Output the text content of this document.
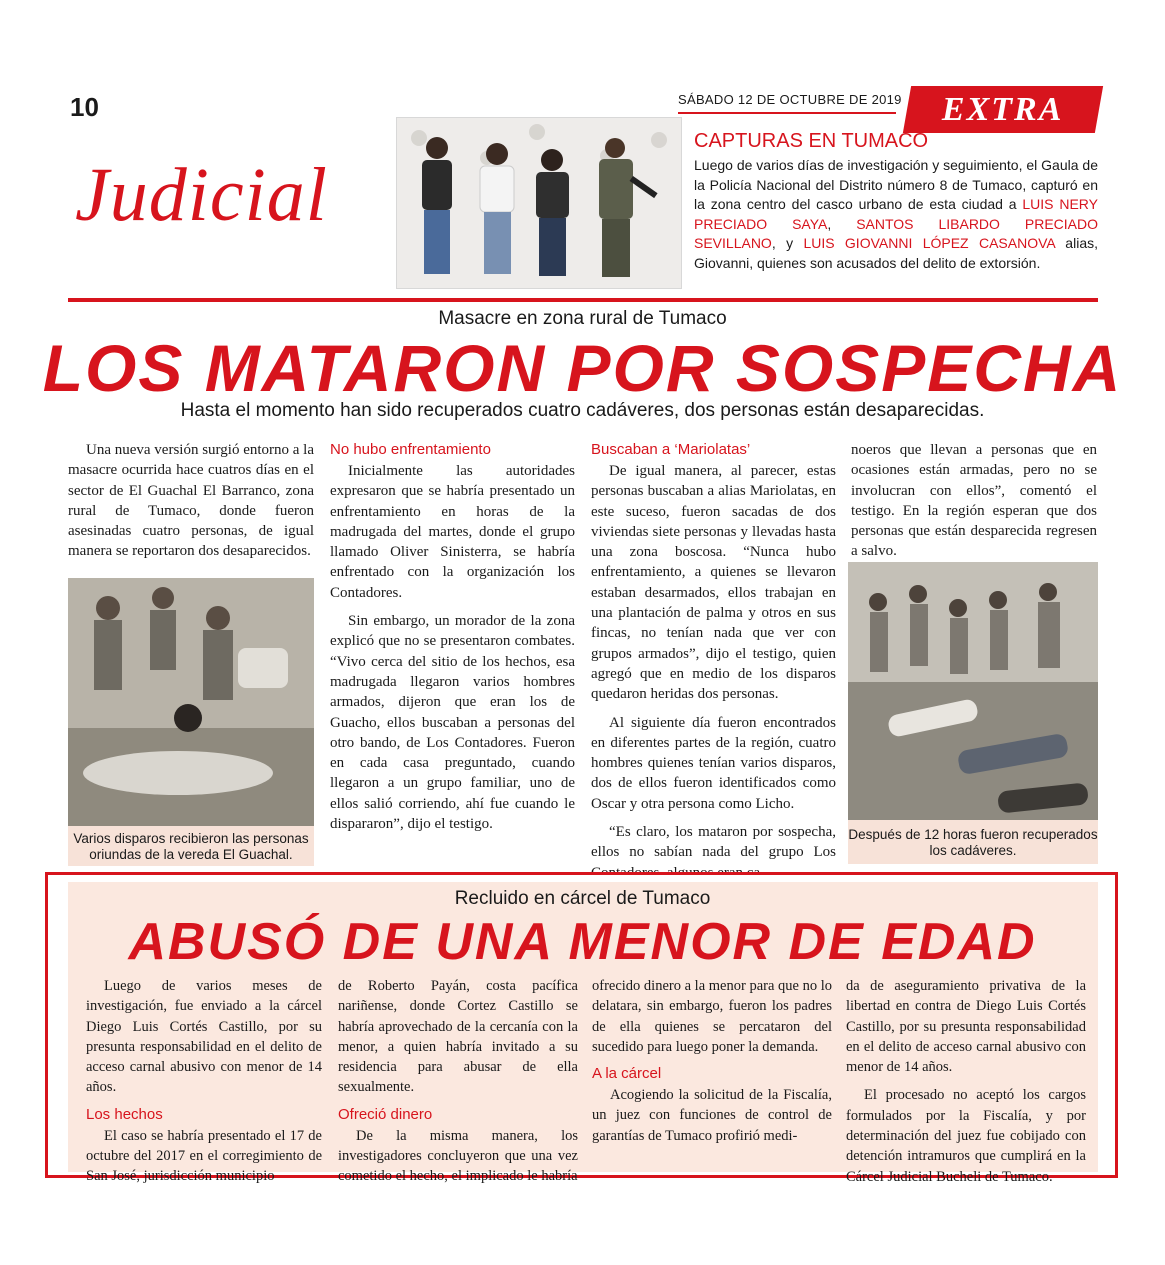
10	SÁBADO 12 DE OCTUBRE DE 2019 EXTRA
Judicial
CAPTURAS EN TUMACO
Luego de varios días de investigación y seguimiento, el Gaula de la Policía Nacional del Distrito número 8 de Tumaco, capturó en la zona centro del casco urbano de esta ciudad a LUIS NERY PRECIADO SAYA, SANTOS LIBARDO PRECIADO SEVILLANO, y LUIS GIOVANNI LÓPEZ CASANOVA alias, Giovanni, quienes son acusados del delito de extorsión.
Masacre en zona rural de Tumaco
LOS MATARON POR SOSPECHA
Hasta el momento han sido recuperados cuatro cadáveres, dos personas están desaparecidas.

Una nueva versión surgió entorno a la masacre ocurrida hace cuatros días en el sector de El Guachal El Barranco, zona rural de Tumaco, donde fueron asesinadas cuatro personas, de igual manera se reportaron dos desaparecidos.

Varios disparos recibieron las personas oriundas de la vereda El Guachal.
No hubo enfrentamiento

Inicialmente las autoridades expresaron que se habría presentado un enfrentamiento en horas de la madrugada del martes, donde el grupo llamado Oliver Sinisterra, se habría enfrentado con la organización los Contadores.

Sin embargo, un morador de la zona explicó que no se presentaron combates. “Vivo cerca del sitio de los hechos, esa madrugada llegaron varios hombres armados, dijeron que eran los de Guacho, ellos buscaban a personas del otro bando, de Los Contadores. Fueron en cada casa preguntado, cuando llegaron a un grupo familiar, uno de ellos salió corriendo, ahí fue cuando le dispararon”, dijo el testigo.

Buscaban a ‘Mariolatas’

De igual manera, al parecer, estas personas buscaban a alias Mariolatas, en este suceso, fueron sacadas de dos viviendas siete personas y llevadas hasta una zona boscosa. “Nunca hubo enfrentamiento, a quienes se llevaron estaban desarmados, ellos trabajan en una plantación de palma y otros en sus fincas, no tenían nada que ver con grupos armados”, dijo el testigo, quien agregó que en medio de los disparos quedaron heridas dos personas.

Al siguiente día fueron encontrados en diferentes partes de la región, cuatro hombres quienes tenían varios disparos, dos de ellos fueron identificados como Oscar y otra persona como Licho.

“Es claro, los mataron por sospecha, ellos no sabían nada del grupo Los

noeros que llevan a personas que en ocasiones están armadas, pero no se involucran con ellos”, comentó el testigo. En la región esperan que dos personas que están desparecida regresen a salvo.

Después de 12 horas fueron recuperados los cadáveres.
Recluido en cárcel de Tumaco
ABUSÓ DE UNA MENOR DE EDAD

Luego de varios meses de investigación, fue enviado a la cárcel Diego Luis Cortés Castillo, por su presunta responsabilidad en el delito de acceso carnal abusivo con menor de 14 años.

Los hechos

El caso se habría presentado el 17 de octubre del 2017 en el corregimiento de San José, jurisdicción municipio

de Roberto Payán, costa pacífica nariñense, donde Cortez Castillo se habría aprovechado de la cercanía con la menor, a quien habría invitado a su residencia para abusar de ella sexualmente.

Ofreció dinero

De la misma manera, los investigadores concluyeron que una vez cometido el hecho, el implicado le habría

ofrecido dinero a la menor para que no lo delatara, sin embargo, fueron los padres de ella quienes se percataron del sucedido para luego poner la demanda.

A la cárcel

Acogiendo la solicitud de la Fiscalía, un juez con funciones de control de garantías de Tumaco profirió medi-

da de aseguramiento privativa de la libertad en contra de Diego Luis Cortés Castillo, por su presunta responsabilidad en el delito de acceso carnal abusivo con menor de 14 años.

El procesado no aceptó los cargos formulados por la Fiscalía, y por determinación del juez fue cobijado con detención intramuros que cumplirá en la Cárcel Judicial Bucheli de Tumaco.
